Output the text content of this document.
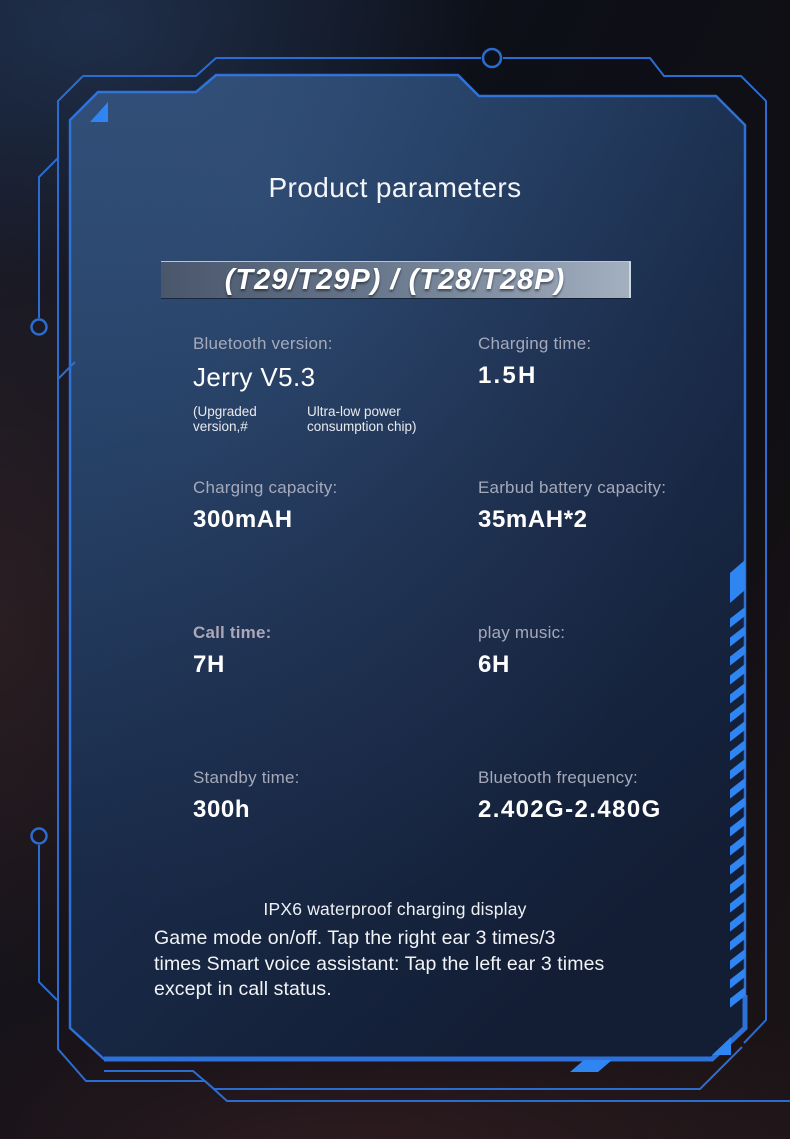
Product parameters
(T29/T29P) / (T28/T28P)
Bluetooth version:
Jerry V5.3
(Upgraded version,#
Ultra-low power consumption chip)
Charging time:
1.5H
Charging capacity:
300mAH
Earbud battery capacity:
35mAH*2
Call time:
7H
play music:
6H
Standby time:
300h
Bluetooth frequency:
2.402G-2.480G
IPX6 waterproof charging display
Game mode on/off. Tap the right ear 3 times/3
times Smart voice assistant: Tap the left ear 3 times
except in call status.
